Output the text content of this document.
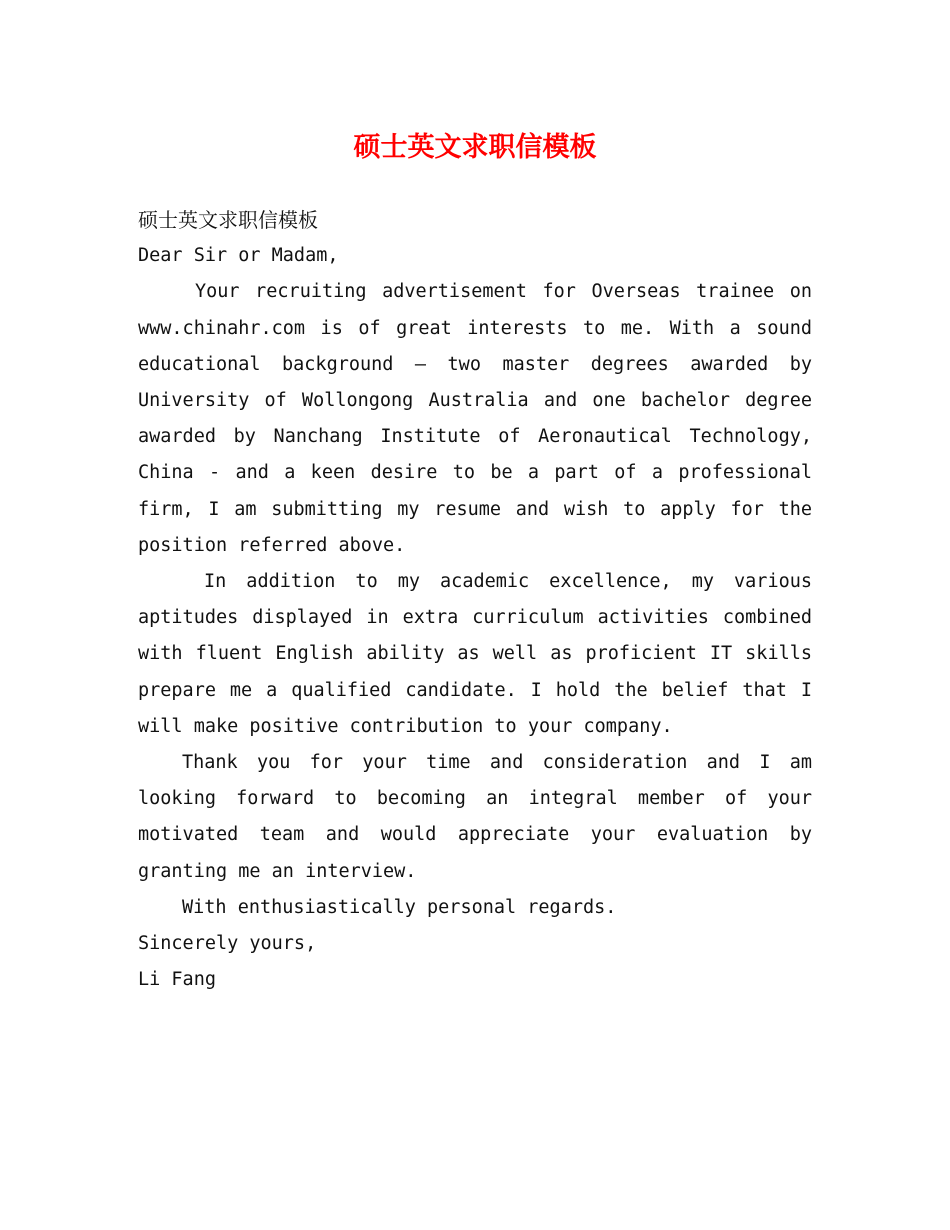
硕士英文求职信模板

硕士英文求职信模板

Dear Sir or Madam,

Your recruiting advertisement for Overseas trainee on www.chinahr.com is of great interests to me. With a sound educational background – two master degrees awarded by University of Wollongong Australia and one bachelor degree awarded by Nanchang Institute of Aeronautical Technology, China - and a keen desire to be a part of a professional firm, I am submitting my resume and wish to apply for the position referred above.

In addition to my academic excellence, my various aptitudes displayed in extra curriculum activities combined with fluent English ability as well as proficient IT skills prepare me a qualified candidate. I hold the belief that I will make positive contribution to your company.

Thank you for your time and consideration and I am looking forward to becoming an integral member of your motivated team and would appreciate your evaluation by granting me an interview.

With enthusiastically personal regards.

Sincerely yours,

Li Fang
